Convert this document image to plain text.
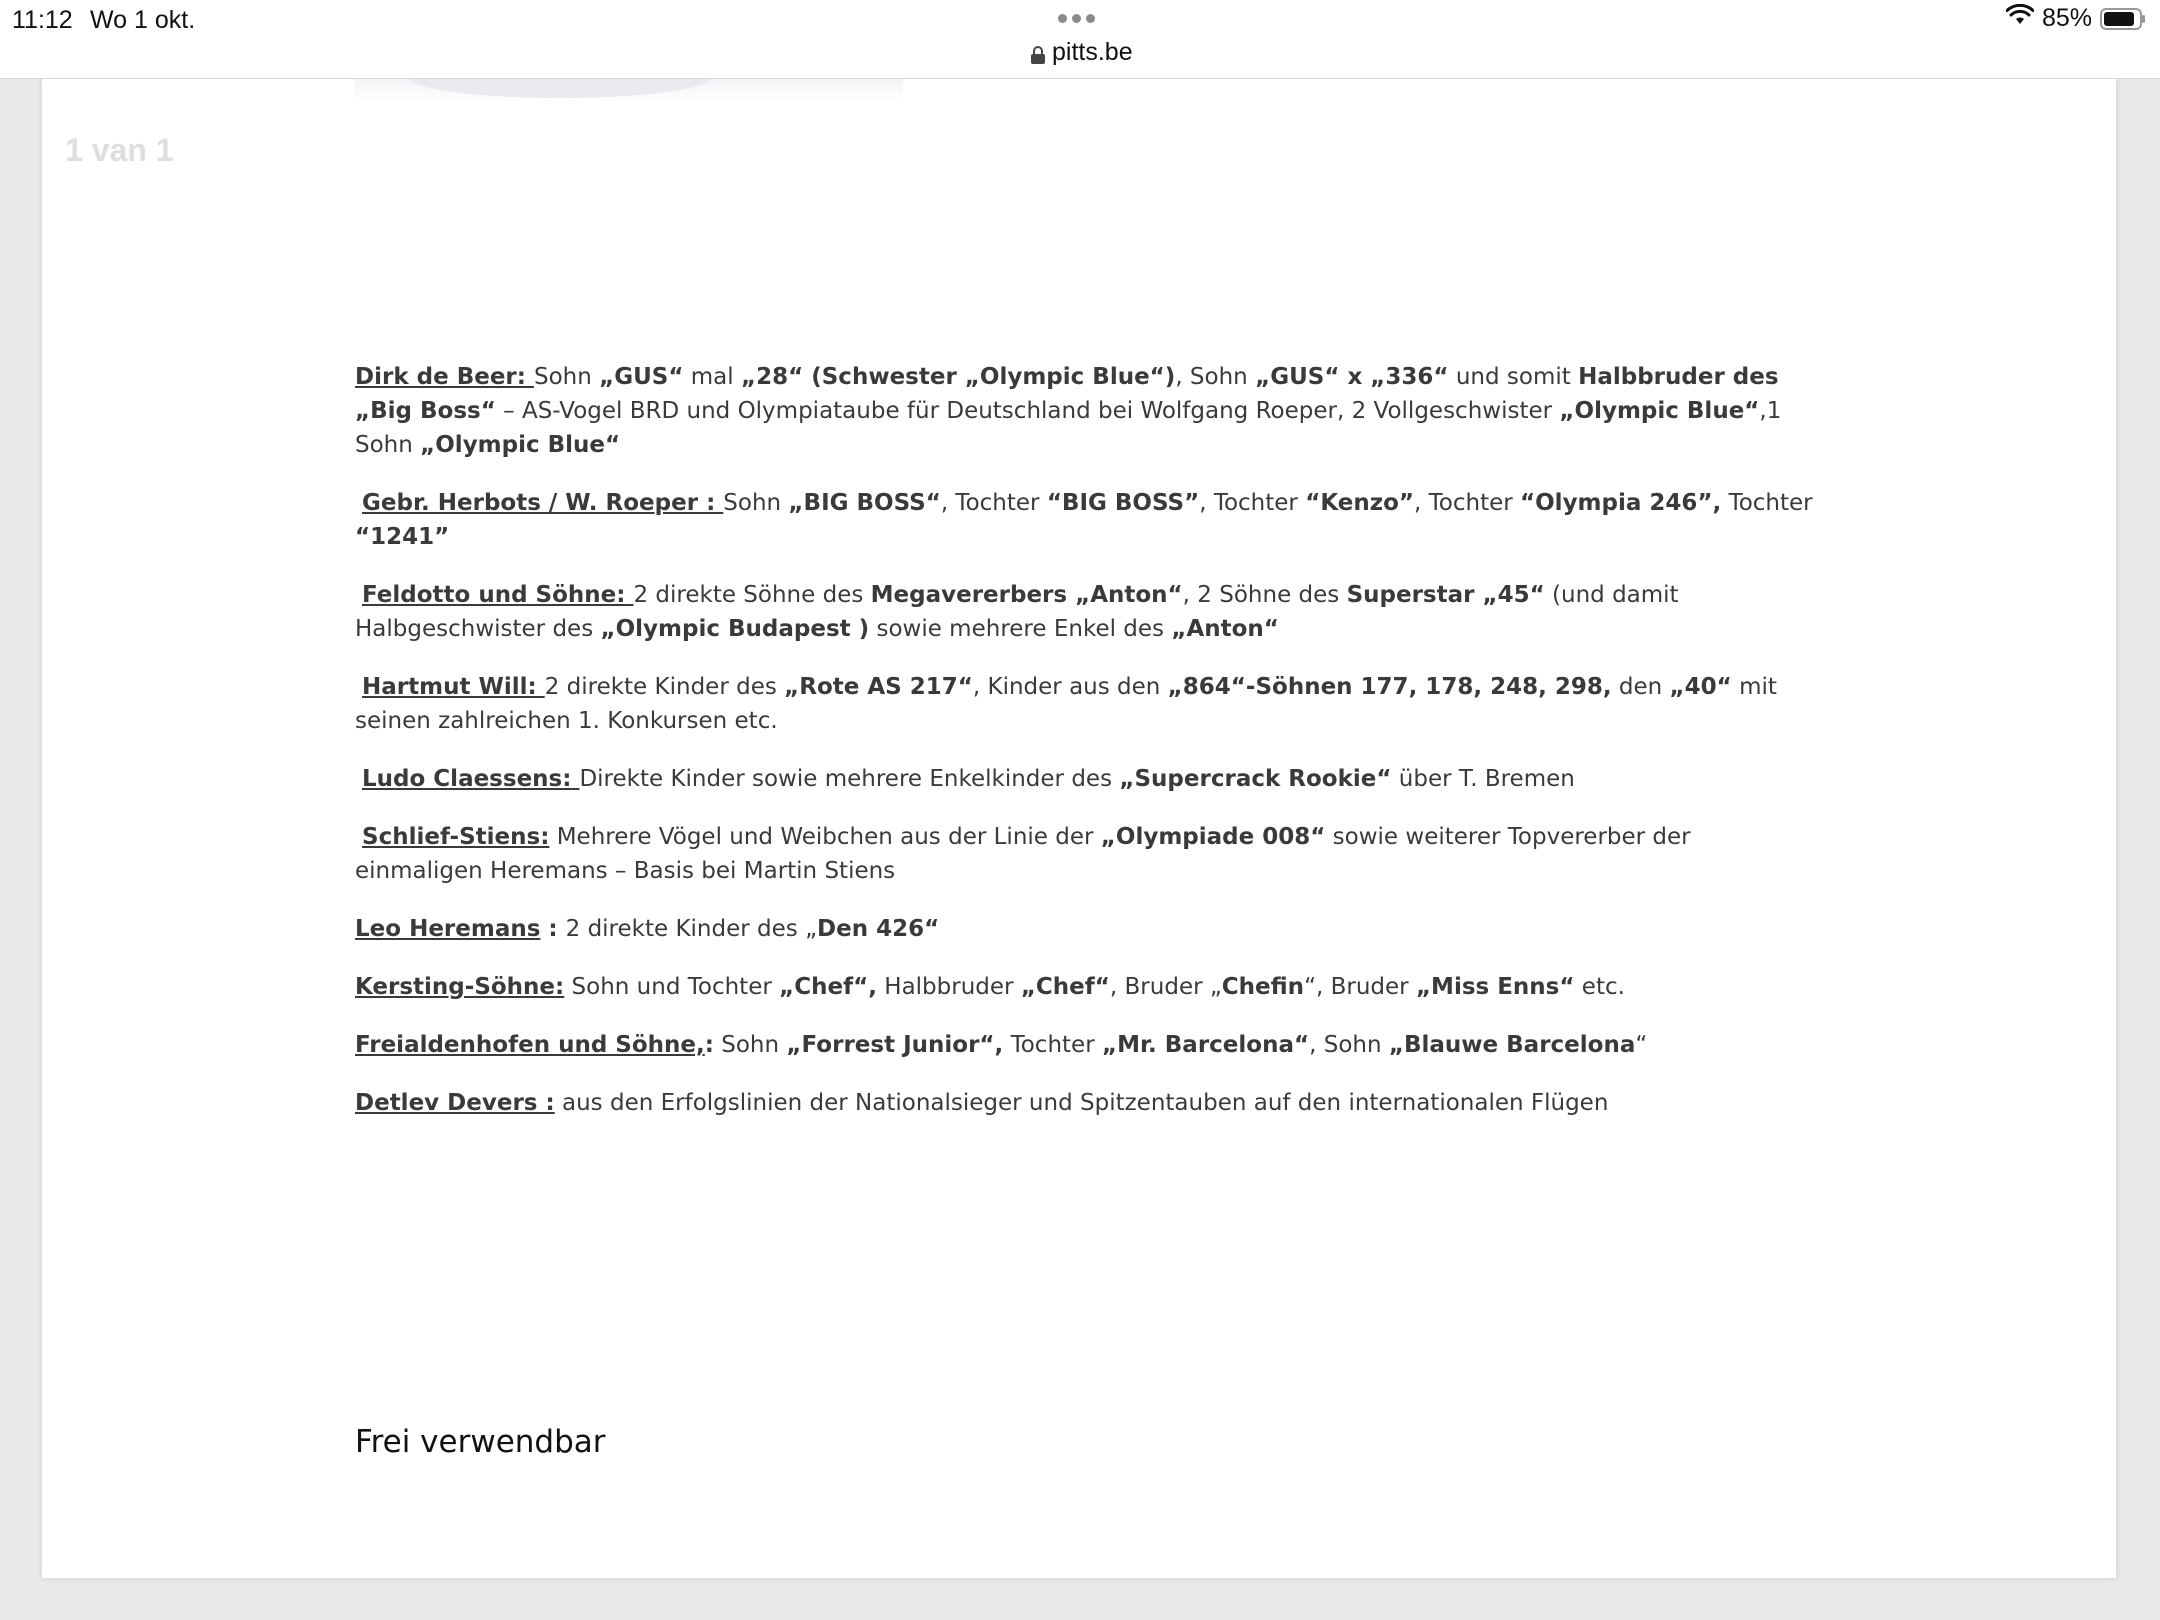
11:12 Wo 1 okt.
pitts.be
85%
1 van 1

Dirk de Beer: Sohn „GUS“ mal „28“ (Schwester „Olympic Blue“), Sohn „GUS“ x „336“ und somit Halbbruder des „Big Boss“ – AS-Vogel BRD und Olympiataube für Deutschland bei Wolfgang Roeper, 2 Vollgeschwister „Olympic Blue“,1 Sohn „Olympic Blue“

Gebr. Herbots / W. Roeper : Sohn „BIG BOSS“, Tochter “BIG BOSS”, Tochter “Kenzo”, Tochter “Olympia 246”, Tochter “1241”

Feldotto und Söhne: 2 direkte Söhne des Megavererbers „Anton“, 2 Söhne des Superstar „45“ (und damit Halbgeschwister des „Olympic Budapest ) sowie mehrere Enkel des „Anton“

Hartmut Will: 2 direkte Kinder des „Rote AS 217“, Kinder aus den „864“-Söhnen 177, 178, 248, 298, den „40“ mit seinen zahlreichen 1. Konkursen etc.

Ludo Claessens: Direkte Kinder sowie mehrere Enkelkinder des „Supercrack Rookie“ über T. Bremen

Schlief-Stiens: Mehrere Vögel und Weibchen aus der Linie der „Olympiade 008“ sowie weiterer Topvererber der einmaligen Heremans – Basis bei Martin Stiens

Leo Heremans : 2 direkte Kinder des „Den 426“

Kersting-Söhne: Sohn und Tochter „Chef“, Halbbruder „Chef“, Bruder „Chefin“, Bruder „Miss Enns“ etc.

Freialdenhofen und Söhne,: Sohn „Forrest Junior“, Tochter „Mr. Barcelona“, Sohn „Blauwe Barcelona“

Detlev Devers : aus den Erfolgslinien der Nationalsieger und Spitzentauben auf den internationalen Flügen

Frei verwendbar
